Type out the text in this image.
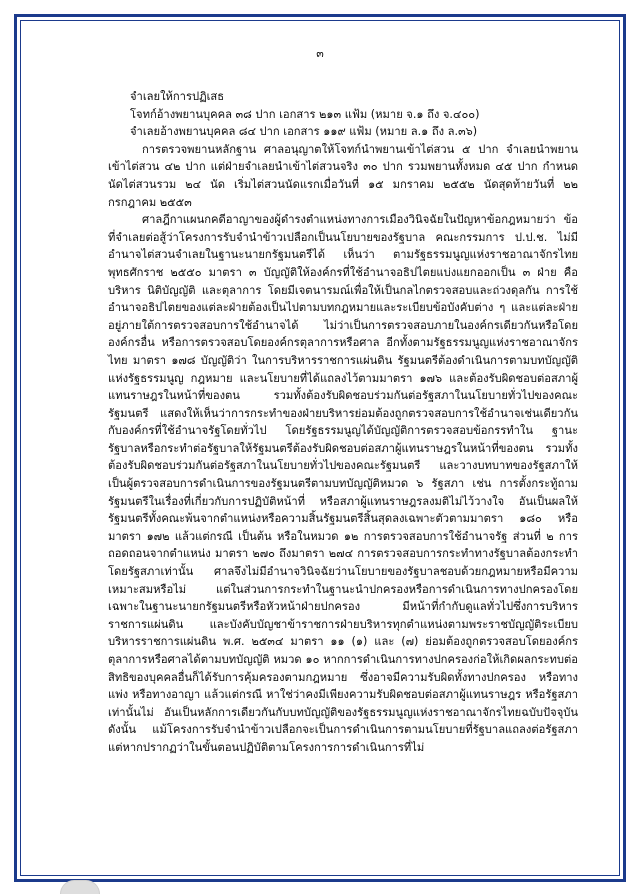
๓

จำเลยให้การปฏิเสธ

โจทก์อ้างพยานบุคคล ๓๘ ปาก เอกสาร ๒๑๓ แฟ้ม (หมาย จ.๑ ถึง จ.๔๐๐)

จำเลยอ้างพยานบุคคล ๘๔ ปาก เอกสาร ๑๑๙ แฟ้ม (หมาย ล.๑ ถึง ล.๓๖)

การตรวจพยานหลักฐาน ศาลอนุญาตให้โจทก์นำพยานเข้าไต่สวน ๕ ปาก จำเลยนำพยานเข้าไต่สวน ๔๒ ปาก แต่ฝ่ายจำเลยนำเข้าไต่สวนจริง ๓๐ ปาก รวมพยานทั้งหมด ๔๕ ปาก กำหนดนัดไต่สวนรวม ๒๔ นัด เริ่มไต่สวนนัดแรกเมื่อวันที่ ๑๕ มกราคม ๒๕๕๒ นัดสุดท้ายวันที่ ๒๒ กรกฎาคม ๒๕๕๓

ศาลฎีกาแผนกคดีอาญาของผู้ดำรงตำแหน่งทางการเมืองวินิจฉัยในปัญหาข้อกฎหมายว่า ข้อที่จำเลยต่อสู้ว่าโครงการรับจำนำข้าวเปลือกเป็นนโยบายของรัฐบาล คณะกรรมการ ป.ป.ช. ไม่มีอำนาจไต่สวนจำเลยในฐานะนายกรัฐมนตรีได้ เห็นว่า ตามรัฐธรรมนูญแห่งราชอาณาจักรไทย พุทธศักราช ๒๕๕๐ มาตรา ๓ บัญญัติให้องค์กรที่ใช้อำนาจอธิปไตยแบ่งแยกออกเป็น ๓ ฝ่าย คือ บริหาร นิติบัญญัติ และตุลาการ โดยมีเจตนารมณ์เพื่อให้เป็นกลไกตรวจสอบและถ่วงดุลกัน การใช้อำนาจอธิปไตยของแต่ละฝ่ายต้องเป็นไปตามบทกฎหมายและระเบียบข้อบังคับต่าง ๆ และแต่ละฝ่ายอยู่ภายใต้การตรวจสอบการใช้อำนาจได้ ไม่ว่าเป็นการตรวจสอบภายในองค์กรเดียวกันหรือโดยองค์กรอื่น หรือการตรวจสอบโดยองค์กรตุลาการหรือศาล อีกทั้งตามรัฐธรรมนูญแห่งราชอาณาจักรไทย มาตรา ๑๗๘ บัญญัติว่า ในการบริหารราชการแผ่นดิน รัฐมนตรีต้องดำเนินการตามบทบัญญัติแห่งรัฐธรรมนูญ กฎหมาย และนโยบายที่ได้แถลงไว้ตามมาตรา ๑๗๖ และต้องรับผิดชอบต่อสภาผู้แทนราษฎรในหน้าที่ของตน รวมทั้งต้องรับผิดชอบร่วมกันต่อรัฐสภาในนโยบายทั่วไปของคณะรัฐมนตรี แสดงให้เห็นว่าการกระทำของฝ่ายบริหารย่อมต้องถูกตรวจสอบการใช้อำนาจเช่นเดียวกันกับองค์กรที่ใช้อำนาจรัฐโดยทั่วไป โดยรัฐธรรมนูญได้บัญญัติการตรวจสอบข้อกรรทำใน ฐานะรัฐบาลหรือกระทำต่อรัฐบาลให้รัฐมนตรีต้องรับผิดชอบต่อสภาผู้แทนราษฎรในหน้าที่ของตน รวมทั้งต้องรับผิดชอบร่วมกันต่อรัฐสภาในนโยบายทั่วไปของคณะรัฐมนตรี และวางบทบาทของรัฐสภาให้เป็นผู้ตรวจสอบการดำเนินการของรัฐมนตรีตามบทบัญญัติหมวด ๖ รัฐสภา เช่น การตั้งกระทู้ถามรัฐมนตรีในเรื่องที่เกี่ยวกับการปฏิบัติหน้าที่ หรือสภาผู้แทนราษฎรลงมติไม่ไว้วางใจ อันเป็นผลให้รัฐมนตรีทั้งคณะพ้นจากตำแหน่งหรือความสิ้นรัฐมนตรีสิ้นสุดลงเฉพาะตัวตามมาตรา ๑๘๐ หรือมาตรา ๑๗๒ แล้วแต่กรณี เป็นต้น หรือในหมวด ๑๒ การตรวจสอบการใช้อำนาจรัฐ ส่วนที่ ๒ การถอดถอนจากตำแหน่ง มาตรา ๒๗๐ ถึงมาตรา ๒๗๔ การตรวจสอบการกระทำทางรัฐบาลต้องกระทำโดยรัฐสภาเท่านั้น ศาลจึงไม่มีอำนาจวินิจฉัยว่านโยบายของรัฐบาลชอบด้วยกฎหมายหรือมีความเหมาะสมหรือไม่ แต่ในส่วนการกระทำในฐานะนำปกครองหรือการดำเนินการทางปกครองโดยเฉพาะในฐานะนายกรัฐมนตรีหรือหัวหน้าฝ่ายปกครอง มีหน้าที่กำกับดูแลทั่วไปซึ่งการบริหารราชการแผ่นดิน และบังคับบัญชาข้าราชการฝ่ายบริหารทุกตำแหน่งตามพระราชบัญญัติระเบียบบริหารราชการแผ่นดิน พ.ศ. ๒๕๓๔ มาตรา ๑๑ (๑) และ (๗) ย่อมต้องถูกตรวจสอบโดยองค์กรตุลาการหรือศาลได้ตามบทบัญญัติ หมวด ๑๐ หากการดำเนินการทางปกครองก่อให้เกิดผลกระทบต่อสิทธิของบุคคลอื่นก็ได้รับการคุ้มครองตามกฎหมาย ซึ่งอาจมีความรับผิดทั้งทางปกครอง หรือทางแพ่ง หรือทางอาญา แล้วแต่กรณี หาใช่ว่าคงมีเพียงความรับผิดชอบต่อสภาผู้แทนราษฎร หรือรัฐสภาเท่านั้นไม่ อันเป็นหลักการเดียวกันกับบทบัญญัติของรัฐธรรมนูญแห่งราชอาณาจักรไทยฉบับปัจจุบัน ดังนั้น แม้โครงการรับจำนำข้าวเปลือกจะเป็นการดำเนินการตามนโยบายที่รัฐบาลแถลงต่อรัฐสภา แต่หากปรากฏว่าในขั้นตอนปฏิบัติตามโครงการการดำเนินการที่ไม่
